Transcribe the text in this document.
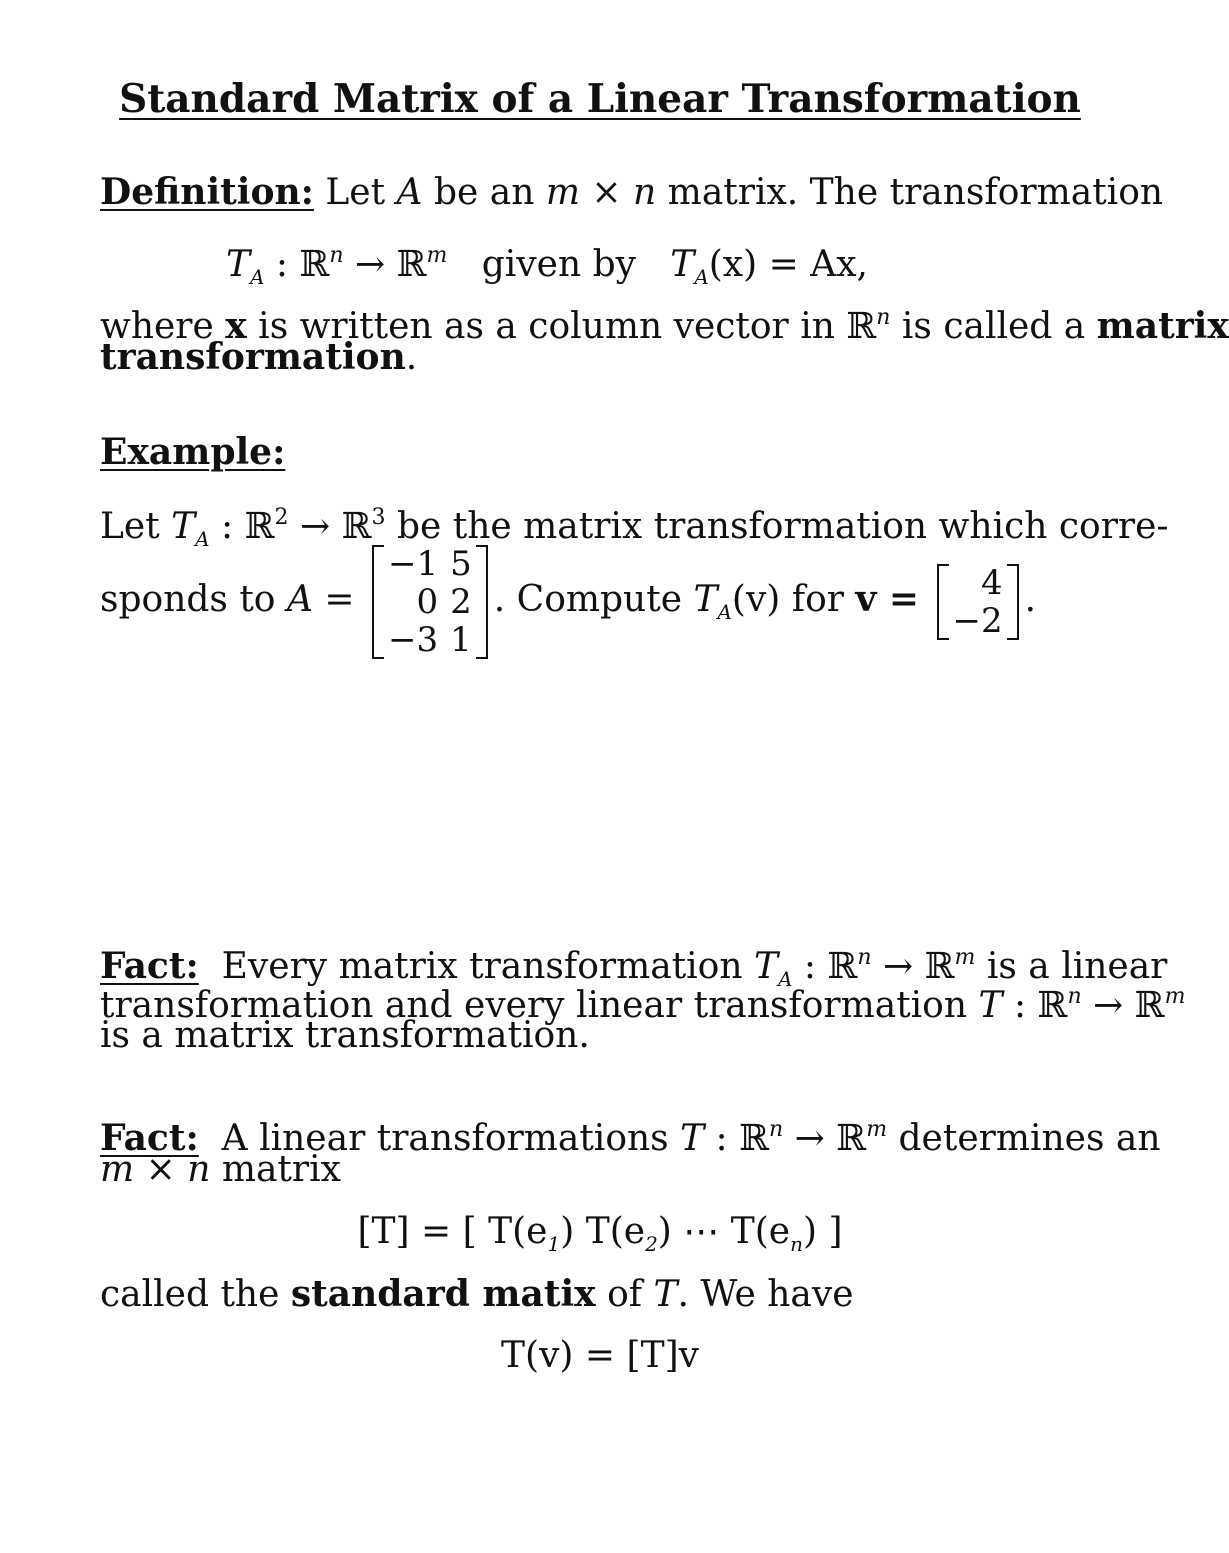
Standard Matrix of a Linear Transformation
Definition: Let A be an m × n matrix. The transformation
$T_A$ : ℝ$^n$ → ℝ$^m$   given by   $T_A(x) = Ax$,
where x is written as a column vector in ℝ$^n$ is called a matrix
transformation.
Example:
Let $T_A$ : ℝ$^2$ → ℝ$^3$ be the matrix transformation which corre-
sponds to A =
−1	5
0	2
−3	1
. Compute $T_A(v)$ for v = 4
−2
.
Fact:  Every matrix transformation $T_A$ : ℝ$^n$ → ℝ$^m$ is a linear
transformation and every linear transformation T : ℝ$^n$ → ℝ$^m$
is a matrix transformation.
Fact:  A linear transformations T : ℝ$^n$ → ℝ$^m$ determines an
m × n matrix
[T] = [ $T(e_1)$ $T(e_2)$ ⋯ $T(e_n)$ ]
called the standard matix of T. We have
T(v) = [T]v
